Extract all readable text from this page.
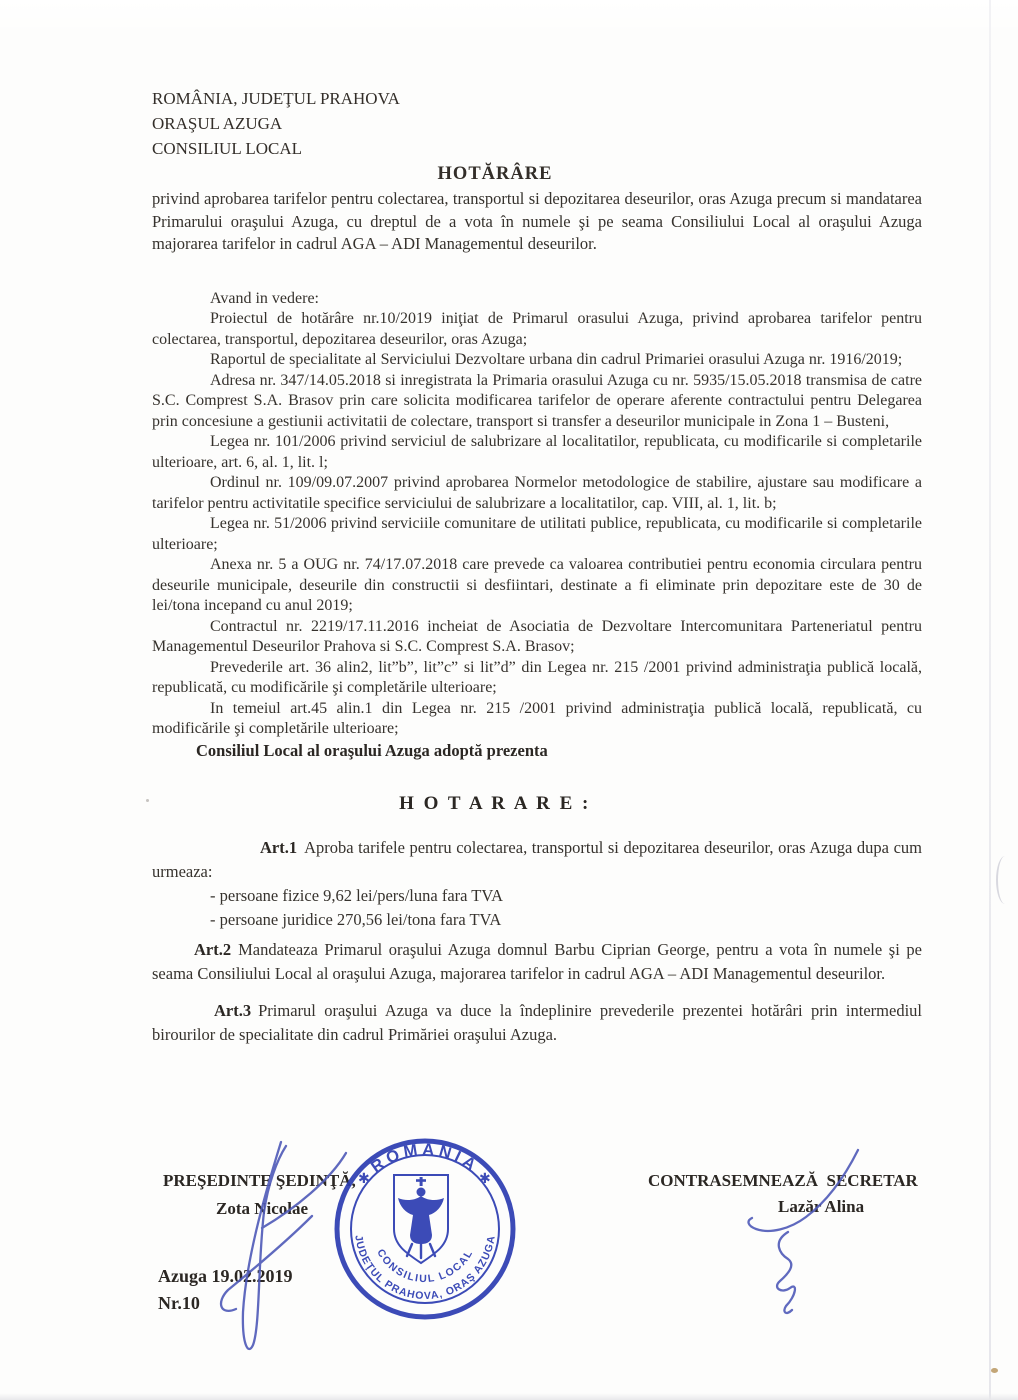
ROMÂNIA, JUDEŢUL PRAHOVA
ORAŞUL AZUGA
CONSILIUL LOCAL

HOTĂRÂRE

privind aprobarea tarifelor pentru colectarea, transportul si depozitarea deseurilor, oras Azuga precum si mandatarea Primarului oraşului Azuga, cu dreptul de a vota în numele şi pe seama Consiliului Local al oraşului Azuga majorarea tarifelor in cadrul AGA – ADI Managementul deseurilor.

Avand in vedere:

Proiectul de hotărâre nr.10/2019 iniţiat de Primarul orasului Azuga, privind aprobarea tarifelor pentru colectarea, transportul, depozitarea deseurilor, oras Azuga;

Raportul de specialitate al Serviciului Dezvoltare urbana din cadrul Primariei orasului Azuga nr. 1916/2019;

Adresa nr. 347/14.05.2018 si inregistrata la Primaria orasului Azuga cu nr. 5935/15.05.2018 transmisa de catre S.C. Comprest S.A. Brasov prin care solicita modificarea tarifelor de operare aferente contractului pentru Delegarea prin concesiune a gestiunii activitatii de colectare, transport si transfer a deseurilor municipale in Zona 1 – Busteni,

Legea nr. 101/2006 privind serviciul de salubrizare al localitatilor, republicata, cu modificarile si completarile ulterioare, art. 6, al. 1, lit. l;

Ordinul nr. 109/09.07.2007 privind aprobarea Normelor metodologice de stabilire, ajustare sau modificare a tarifelor pentru activitatile specifice serviciului de salubrizare a localitatilor, cap. VIII, al. 1, lit. b;

Legea nr. 51/2006 privind serviciile comunitare de utilitati publice, republicata, cu modificarile si completarile ulterioare;

Anexa nr. 5 a OUG nr. 74/17.07.2018 care prevede ca valoarea contributiei pentru economia circulara pentru deseurile municipale, deseurile din constructii si desfiintari, destinate a fi eliminate prin depozitare este de 30 de lei/tona incepand cu anul 2019;

Contractul nr. 2219/17.11.2016 incheiat de Asociatia de Dezvoltare Intercomunitara Parteneriatul pentru Managementul Deseurilor Prahova si S.C. Comprest S.A. Brasov;

Prevederile art. 36 alin2, lit”b”, lit”c” si lit”d” din Legea nr. 215 /2001 privind administraţia publică locală, republicată, cu modificările şi completările ulterioare;

In temeiul art.45 alin.1 din Legea nr. 215 /2001 privind administraţia publică locală, republicată, cu modificările şi completările ulterioare;

Consiliul Local al oraşului Azuga adoptă prezenta

H O T A R A R E :

Art.1 Aproba tarifele pentru colectarea, transportul si depozitarea deseurilor, oras Azuga dupa cum urmeaza:

- persoane fizice 9,62 lei/pers/luna fara TVA

- persoane juridice 270,56 lei/tona fara TVA

Art.2 Mandateaza Primarul oraşului Azuga domnul Barbu Ciprian George, pentru a vota în numele şi pe seama Consiliului Local al oraşului Azuga, majorarea tarifelor in cadrul AGA – ADI Managementul deseurilor.

Art.3 Primarul oraşului Azuga va duce la îndeplinire prevederile prezentei hotărâri prin intermediul birourilor de specialitate din cadrul Primăriei oraşului Azuga.

PREŞEDINTE ŞEDINŢĂ,
Zota Nicolae
CONTRASEMNEAZĂ  SECRETAR
Lazăr Alina
Azuga 19.02.2019
Nr.10
ROMÂNIA
✱	✱
JUDEŢUL PRAHOVA, ORAŞ AZUGA
CONSILIUL LOCAL
